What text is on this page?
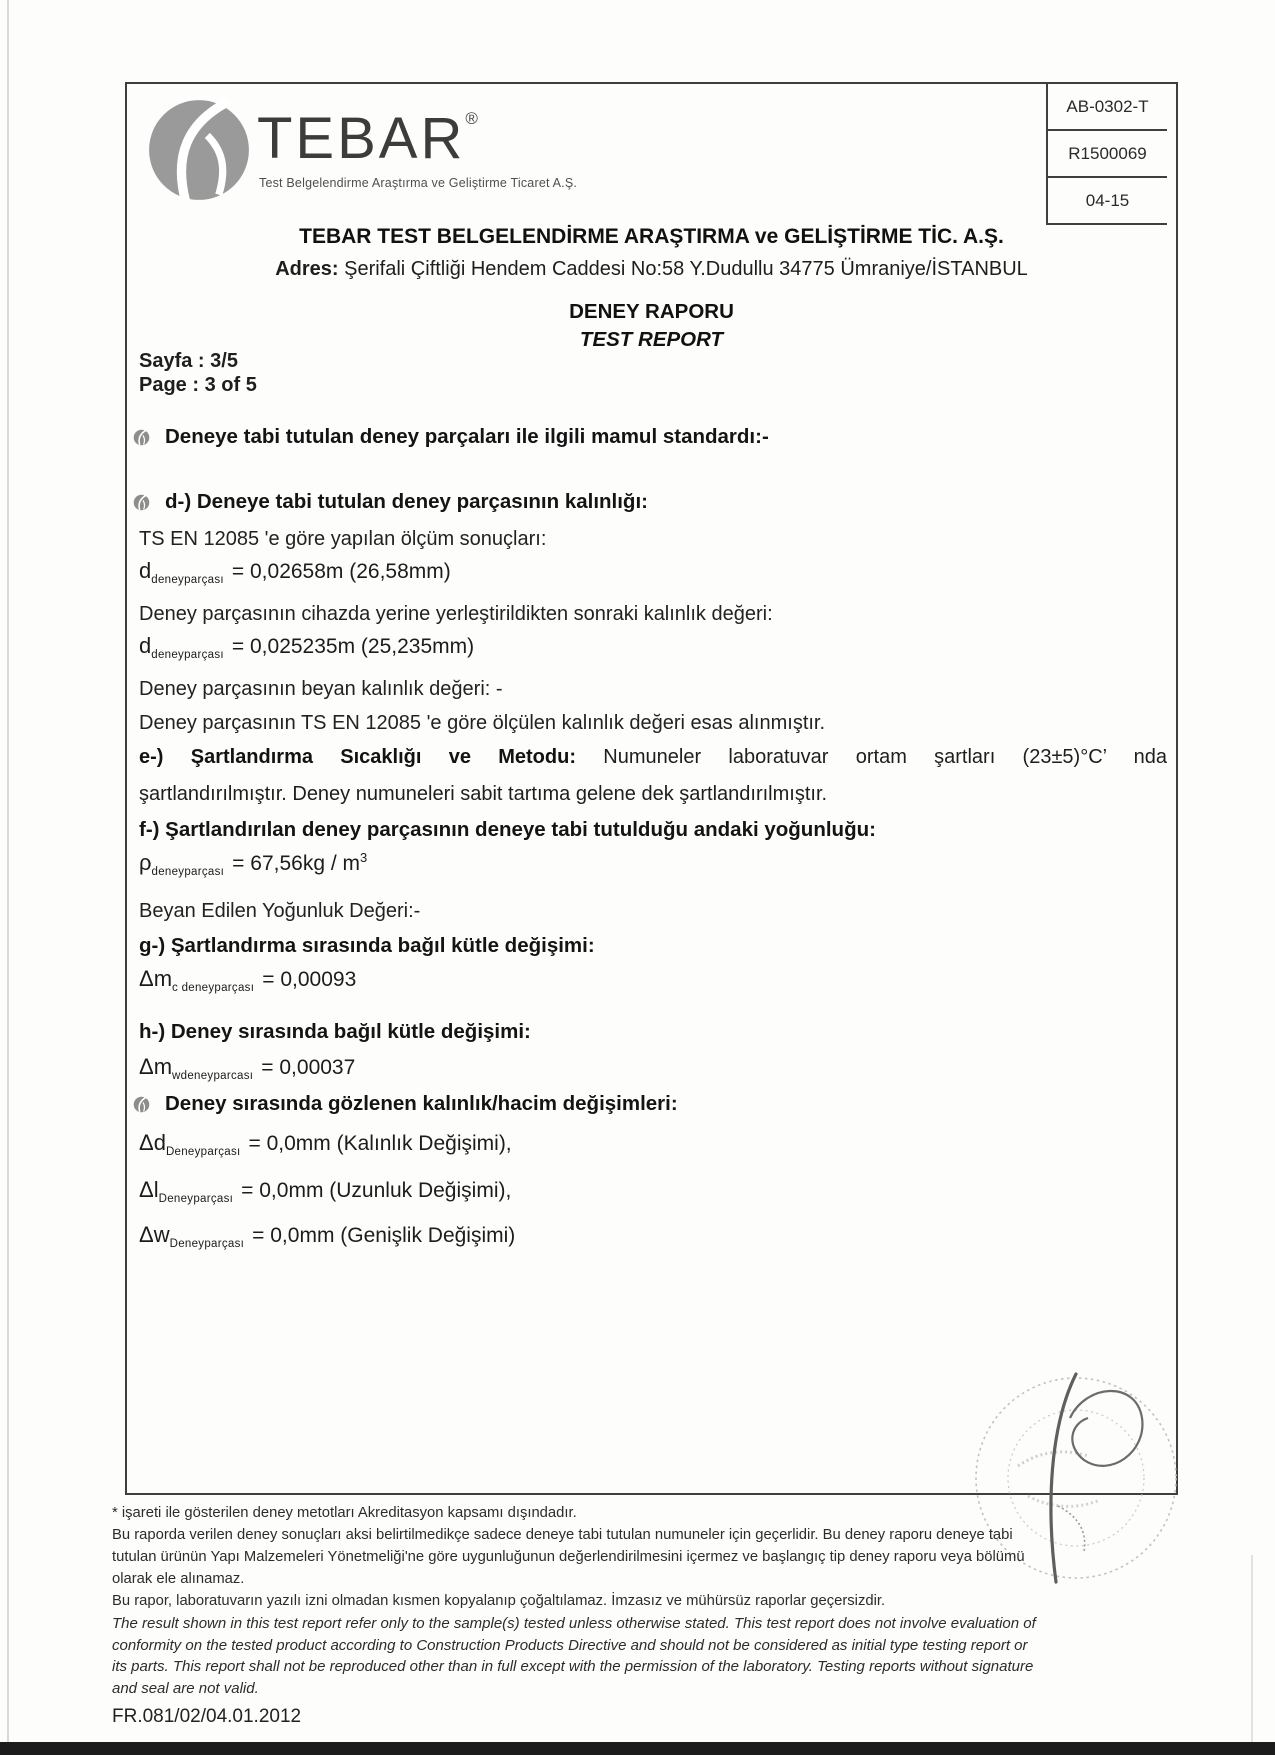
TEBAR®
Test Belgelendirme Araştırma ve Geliştirme Ticaret A.Ş.
AB-0302-T
R1500069
04-15
TEBAR TEST BELGELENDİRME ARAŞTIRMA ve GELİŞTİRME TİC. A.Ş.
Adres: Şerifali Çiftliği Hendem Caddesi No:58 Y.Dudullu 34775 Ümraniye/İSTANBUL
DENEY RAPORU
TEST REPORT
Sayfa : 3/5
Page : 3 of 5
Deneye tabi tutulan deney parçaları ile ilgili mamul standardı:-
d-) Deneye tabi tutulan deney parçasının kalınlığı:
TS EN 12085 'e göre yapılan ölçüm sonuçları:
$d_{deneyparçası} = 0,02658m$ (26,58mm)
Deney parçasının cihazda yerine yerleştirildikten sonraki kalınlık değeri:
$d_{deneyparçası} = 0,025235m$ (25,235mm)
Deney parçasının beyan kalınlık değeri: -
Deney parçasının TS EN 12085 'e göre ölçülen kalınlık değeri esas alınmıştır.
e-) Şartlandırma Sıcaklığı ve Metodu: Numuneler laboratuvar ortam şartları (23±5)°C’ nda
şartlandırılmıştır. Deney numuneleri sabit tartıma gelene dek şartlandırılmıştır.
f-) Şartlandırılan deney parçasının deneye tabi tutulduğu andaki yoğunluğu:
$\rho_{deneyparçası} = 67,56kg / m^3$
Beyan Edilen Yoğunluk Değeri:-
g-) Şartlandırma sırasında bağıl kütle değişimi:
$\Delta m_{c deneyparçası} = 0,00093$
h-) Deney sırasında bağıl kütle değişimi:
$\Delta m_{wdeneyparcası} = 0,00037$
Deney sırasında gözlenen kalınlık/hacim değişimleri:
$\Delta d_{Deneyparçası} = 0,0mm$ (Kalınlık Değişimi),
$\Delta l_{Deneyparçası} = 0,0mm$ (Uzunluk Değişimi),
$\Delta w_{Deneyparçası} = 0,0mm$ (Genişlik Değişimi)
* işareti ile gösterilen deney metotları Akreditasyon kapsamı dışındadır.
Bu raporda verilen deney sonuçları aksi belirtilmedikçe sadece deneye tabi tutulan numuneler için geçerlidir. Bu deney raporu deneye tabi
tutulan ürünün Yapı Malzemeleri Yönetmeliği'ne göre uygunluğunun değerlendirilmesini içermez ve başlangıç tip deney raporu veya bölümü
olarak ele alınamaz.
Bu rapor, laboratuvarın yazılı izni olmadan kısmen kopyalanıp çoğaltılamaz. İmzasız ve mühürsüz raporlar geçersizdir.
The result shown in this test report refer only to the sample(s) tested unless otherwise stated. This test report does not involve evaluation of
conformity on the tested product according to Construction Products Directive and should not be considered as initial type testing report or
its parts. This report shall not be reproduced other than in full except with the permission of the laboratory. Testing reports without signature
and seal are not valid.
FR.081/02/04.01.2012
